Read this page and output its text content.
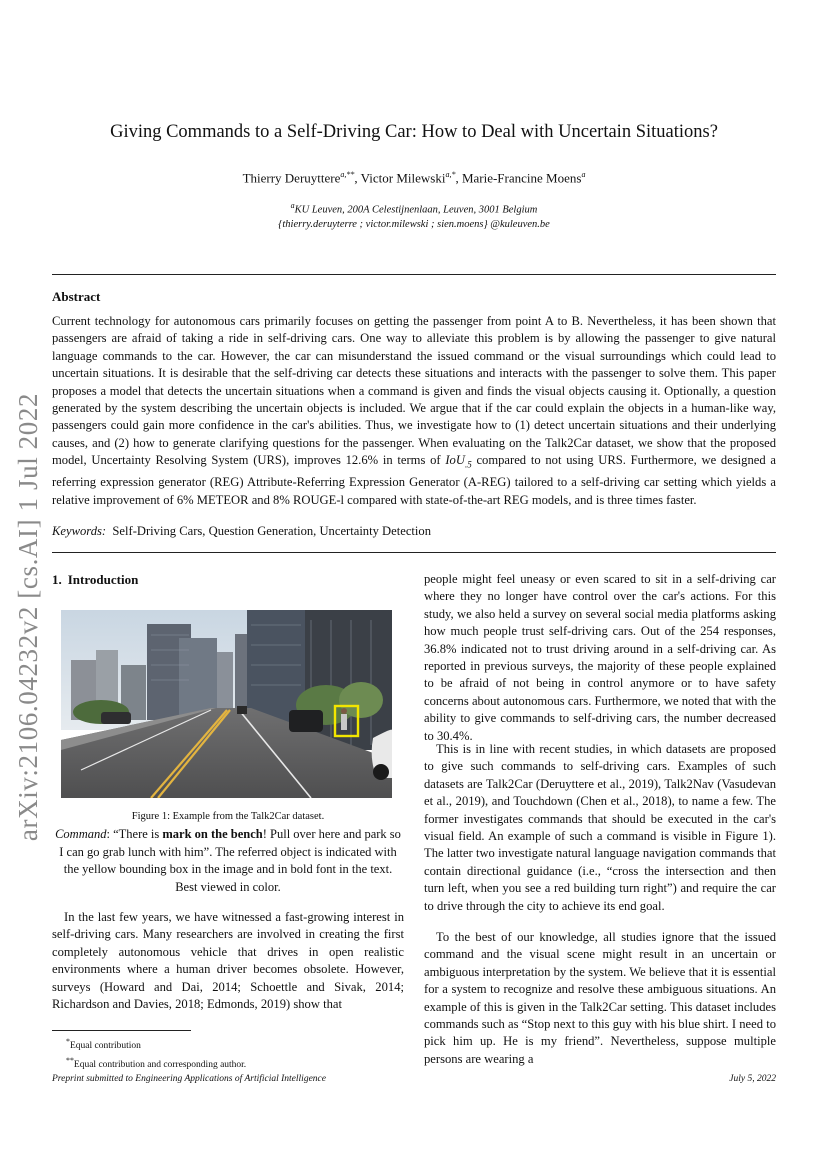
arXiv:2106.04232v2 [cs.AI] 1 Jul 2022
Giving Commands to a Self-Driving Car: How to Deal with Uncertain Situations?
Thierry Deruyttere$^{a,**}$, Victor Milewski$^{a,*}$, Marie-Francine Moens$^a$
$^a$KU Leuven, 200A Celestijnenlaan, Leuven, 3001 Belgium
{thierry.deruyterre ; victor.milewski ; sien.moens} @kuleuven.be
Abstract
Current technology for autonomous cars primarily focuses on getting the passenger from point A to B. Nevertheless, it has been shown that passengers are afraid of taking a ride in self-driving cars. One way to alleviate this problem is by allowing the passenger to give natural language commands to the car. However, the car can misunderstand the issued command or the visual surroundings which could lead to uncertain situations. It is desirable that the self-driving car detects these situations and interacts with the passenger to solve them. This paper proposes a model that detects the uncertain situations when a command is given and finds the visual objects causing it. Optionally, a question generated by the system describing the uncertain objects is included. We argue that if the car could explain the objects in a human-like way, passengers could gain more confidence in the car's abilities. Thus, we investigate how to (1) detect uncertain situations and their underlying causes, and (2) how to generate clarifying questions for the passenger. When evaluating on the Talk2Car dataset, we show that the proposed model, Uncertainty Resolving System (URS), improves 12.6% in terms of IoU$_{.5}$ compared to not using URS. Furthermore, we designed a referring expression generator (REG) Attribute-Referring Expression Generator (A-REG) tailored to a self-driving car setting which yields a relative improvement of 6% METEOR and 8% ROUGE-l compared with state-of-the-art REG models, and is three times faster.
Keywords: Self-Driving Cars, Question Generation, Uncertainty Detection
1. Introduction
Figure 1: Example from the Talk2Car dataset.
Command: “There is mark on the bench! Pull over here and park so I can go grab lunch with him”. The referred object is indicated with the yellow bounding box in the image and in bold font in the text. Best viewed in color.
In the last few years, we have witnessed a fast-growing interest in self-driving cars. Many researchers are involved in creating the first completely autonomous vehicle that drives in open realistic environments where a human driver becomes obsolete. However, surveys (Howard and Dai, 2014; Schoettle and Sivak, 2014; Richardson and Davies, 2018; Edmonds, 2019) show that
*Equal contribution
**Equal contribution and corresponding author.
people might feel uneasy or even scared to sit in a self-driving car where they no longer have control over the car's actions. For this study, we also held a survey on several social media platforms asking how much people trust self-driving cars. Out of the 254 responses, 36.8% indicated not to trust driving around in a self-driving car. As reported in previous surveys, the majority of these people explained to be afraid of not being in control anymore or to have safety concerns about autonomous cars. Furthermore, we noted that with the ability to give commands to self-driving cars, the number decreased to 30.4%.
This is in line with recent studies, in which datasets are proposed to give such commands to self-driving cars. Examples of such datasets are Talk2Car (Deruyttere et al., 2019), Talk2Nav (Vasudevan et al., 2019), and Touchdown (Chen et al., 2018), to name a few. The former investigates commands that should be executed in the car's visual field. An example of such a command is visible in Figure 1). The latter two investigate natural language navigation commands that contain directional guidance (i.e., “cross the intersection and then turn left, when you see a red building turn right”) and require the car to drive through the city to achieve its end goal.
To the best of our knowledge, all studies ignore that the issued command and the visual scene might result in an uncertain or ambiguous interpretation by the system. We believe that it is essential for a system to recognize and resolve these ambiguous situations. An example of this is given in the Talk2Car setting. This dataset includes commands such as “Stop next to this guy with his blue shirt. I need to pick him up. He is my friend”. Nevertheless, suppose multiple persons are wearing a
Preprint submitted to Engineering Applications of Artificial Intelligence	July 5, 2022
